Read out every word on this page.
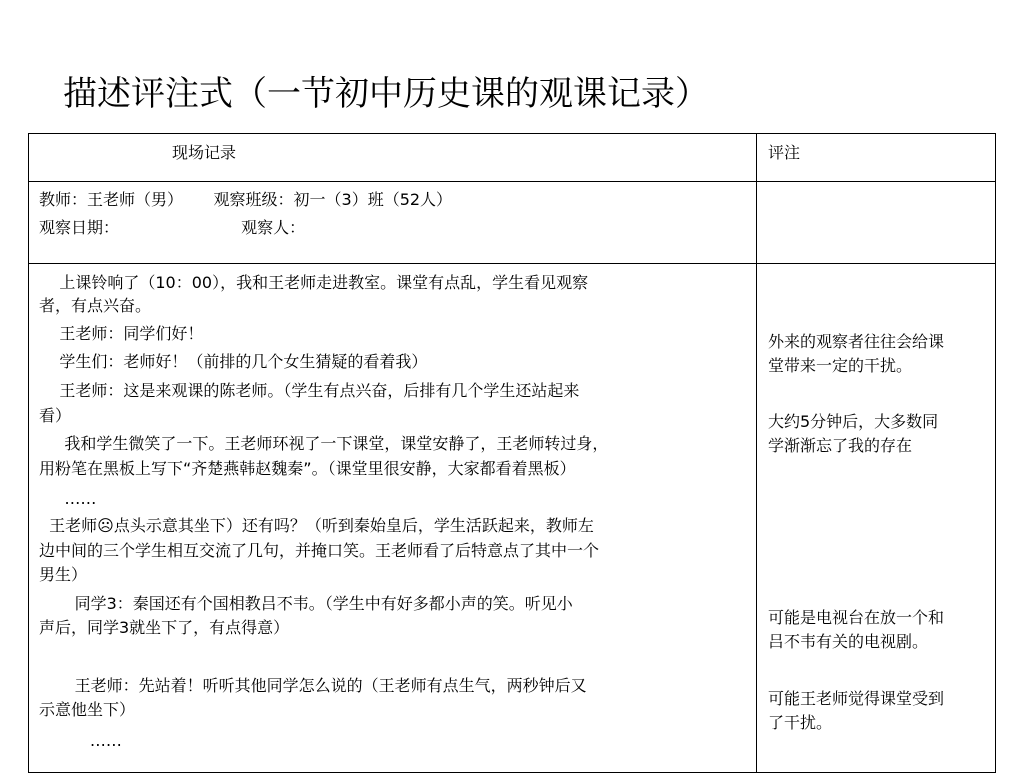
描述评注式（一节初中历史课的观课记录）
现场记录	评注
教师：王老师（男）      观察班级：初一（3）班（52人）
观察日期：                        观察人：
上课铃响了（10：00），我和王老师走进教室。课堂有点乱，学生看见观察
者，有点兴奋。
王老师：同学们好！
学生们：老师好！（前排的几个女生猜疑的看着我）
王老师：这是来观课的陈老师。（学生有点兴奋，后排有几个学生还站起来
看）
我和学生微笑了一下。王老师环视了一下课堂，课堂安静了，王老师转过身，
用粉笔在黑板上写下“齐楚燕韩赵魏秦”。（课堂里很安静，大家都看着黑板）
……
王老师☹点头示意其坐下）还有吗？（听到秦始皇后，学生活跃起来，教师左
边中间的三个学生相互交流了几句，并掩口笑。王老师看了后特意点了其中一个
男生）
同学3：秦国还有个国相教吕不韦。（学生中有好多都小声的笑。听见小
声后，同学3就坐下了，有点得意）
王老师：先站着！听听其他同学怎么说的（王老师有点生气，两秒钟后又
示意他坐下）
……
外来的观察者往往会给课
堂带来一定的干扰。
大约5分钟后，大多数同
学渐渐忘了我的存在
可能是电视台在放一个和
吕不韦有关的电视剧。
可能王老师觉得课堂受到
了干扰。
